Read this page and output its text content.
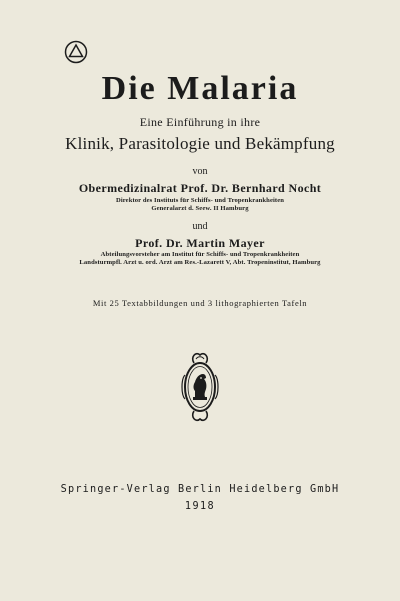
Die Malaria
Eine Einführung in ihre
Klinik, Parasitologie und Bekämpfung
von
Obermedizinalrat Prof. Dr. Bernhard Nocht
Direktor des Instituts für Schiffs- und Tropenkrankheiten
Generalarzt d. Seew. II Hamburg
und
Prof. Dr. Martin Mayer
Abteilungsvorsteher am Institut für Schiffs- und Tropenkrankheiten
Landsturmpfl. Arzt u. ord. Arzt am Res.-Lazarett V, Abt. Tropeninstitut, Hamburg
Mit 25 Textabbildungen und 3 lithographierten Tafeln
Springer-Verlag Berlin Heidelberg GmbH
1918
